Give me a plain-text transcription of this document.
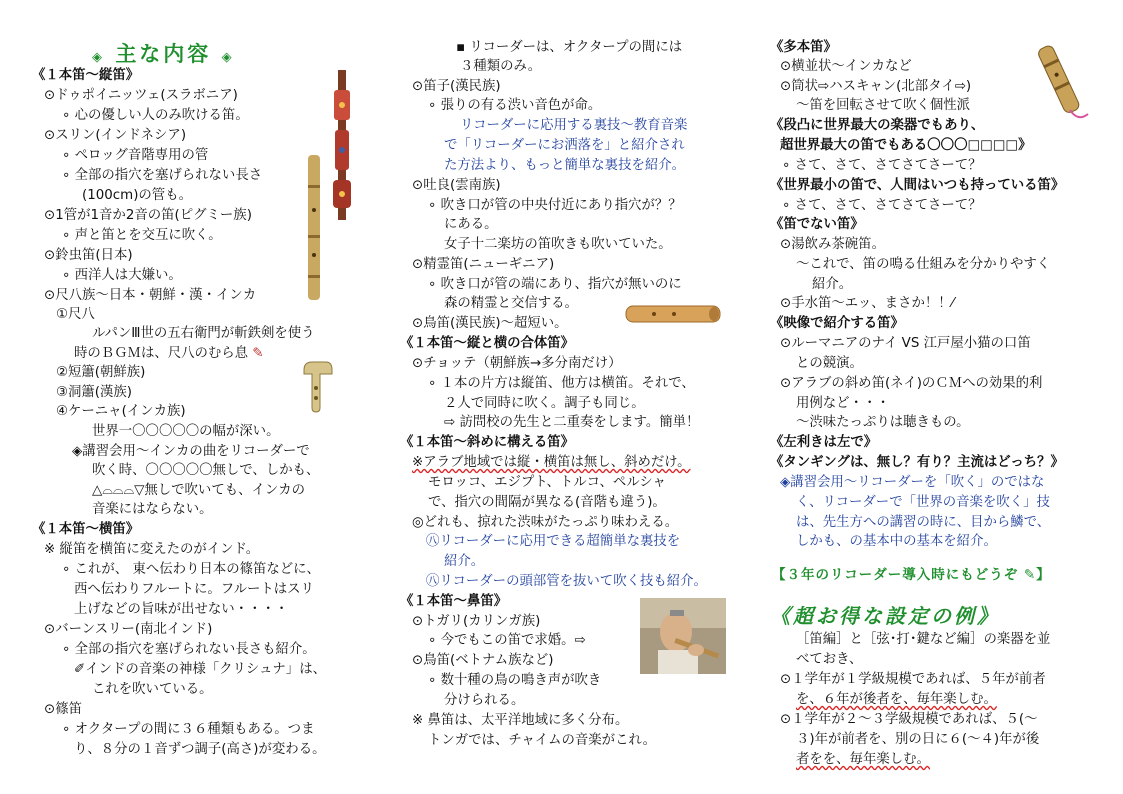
◈ 主な内容 ◈
《１本笛～縦笛》
⊙ドゥポイニッツェ(スラボニア)
∘ 心の優しい人のみ吹ける笛。
⊙スリン(インドネシア)
∘ ペロッグ音階専用の管
∘ 全部の指穴を塞げられない長さ
(100cm)の管も。
⊙1管が1音か2音の笛(ピグミー族)
∘ 声と笛とを交互に吹く。
⊙鈴虫笛(日本)
∘ 西洋人は大嫌い。
⊙尺八族～日本・朝鮮・漢・インカ
①尺八
ルパンⅢ世の五右衛門が斬鉄剣を使う
時のＢＧＭは、尺八のむら息 ✎
②短簫(朝鮮族)
③洞簫(漢族)
④ケーニャ(インカ族)
世界一〇〇〇〇〇の幅が深い。
◈講習会用～インカの曲をリコーダーで
吹く時、〇〇〇〇〇無しで、しかも、
△⌓⌓⌓▽無しで吹いても、インカの
音楽にはならない。
《１本笛～横笛》
※ 縦笛を横笛に変えたのがインド。
∘ これが、 東へ伝わり日本の篠笛などに、
西へ伝わりフルートに。フルートはスリ
上げなどの旨味が出せない・・・・
⊙バーンスリー(南北インド)
∘ 全部の指穴を塞げられない長さも紹介。
✐インドの音楽の神様「クリシュナ」は、
これを吹いている。
⊙篠笛
∘ オクタープの間に３６種類もある。つま
り、８分の１音ずつ調子(高さ)が変わる。
▪ リコーダーは、オクタープの間には
３種類のみ。
⊙笛子(漢民族)
∘ 張りの有る渋い音色が命。
リコーダーに応用する裏技～教育音楽
で「リコーダーにお洒落を」と紹介され
た方法より、もっと簡単な裏技を紹介。
⊙吐良(雲南族)
∘ 吹き口が管の中央付近にあり指穴が？？
にある。
女子十二楽坊の笛吹きも吹いていた。
⊙精霊笛(ニューギニア)
∘ 吹き口が管の端にあり、指穴が無いのに
森の精霊と交信する。
⊙鳥笛(漢民族)～超短い。
《１本笛～縦と横の合体笛》
⊙チョッテ（朝鮮族→多分南だけ）
∘ １本の片方は縦笛、他方は横笛。それで、
２人で同時に吹く。調子も同じ。
⇨ 訪問校の先生と二重奏をします。簡単！
《１本笛～斜めに構える笛》
※アラブ地域では縦・横笛は無し、斜めだけ。
モロッコ、エジプト、トルコ、ペルシャ
で、指穴の間隔が異なる(音階も違う)。
◎どれも、掠れた渋味がたっぷり味わえる。
㊇リコーダーに応用できる超簡単な裏技を
紹介。
㊇リコーダーの頭部管を抜いて吹く技も紹介。
《１本笛～鼻笛》
⊙トガリ(カリンガ族)
∘ 今でもこの笛で求婚。⇨
⊙鳥笛(ベトナム族など)
∘ 数十種の鳥の鳴き声が吹き
分けられる。
※ 鼻笛は、太平洋地域に多く分布。
トンガでは、チャイムの音楽がこれ。
《多本笛》
⊙横並状～インカなど
⊙筒状⇨ハスキャン(北部タイ⇨)
～笛を回転させて吹く個性派
《段凸に世界最大の楽器でもあり、
超世界最大の笛でもある〇〇〇□□□□》
∘ さて、さて、さてさてさーて？
《世界最小の笛で、人間はいつも持っている笛》
∘ さて、さて、さてさてさーて？
《笛でない笛》
⊙湯飲み茶碗笛。
～これで、笛の鳴る仕組みを分かりやすく
紹介。
⊙手水笛～エッ、まさか！！⁄
《映像で紹介する笛》
⊙ルーマニアのナイ VS 江戸屋小猫の口笛
との競演。
⊙アラブの斜め笛(ネイ)のＣＭへの効果的利
用例など・・・
～渋味たっぷりは聴きもの。
《左利きは左で》
《タンギングは、無し？有り？主流はどっち？》
◈講習会用～リコーダーを「吹く」のではな
く、リコーダーで「世界の音楽を吹く」技
は、先生方への講習の時に、目から鱗で、
しかも、の基本中の基本を紹介。
【３年のリコーダー導入時にもどうぞ ✎】
《超お得な設定の例》
［笛編］と［弦･打･鍵など編］の楽器を並
べておき、
⊙１学年が１学級規模であれば、５年が前者
を、６年が後者を、毎年楽しむ。
⊙１学年が２～３学級規模であれば、５(～
３)年が前者を、別の日に６(～４)年が後
者をを、毎年楽しむ。
